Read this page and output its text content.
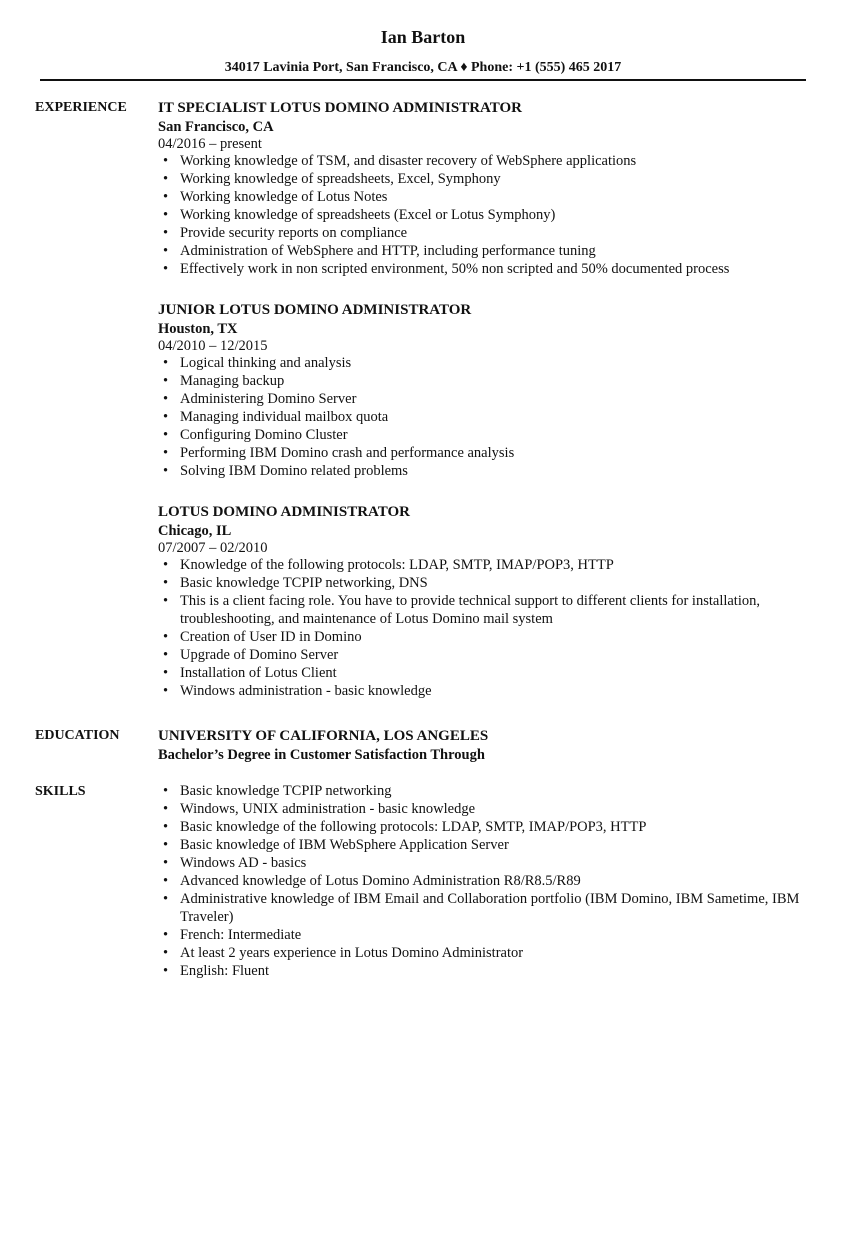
Ian Barton
34017 Lavinia Port, San Francisco, CA ♦ Phone: +1 (555) 465 2017
EXPERIENCE IT SPECIALIST LOTUS DOMINO ADMINISTRATOR
San Francisco, CA
04/2016 – present
• Working knowledge of TSM, and disaster recovery of WebSphere applications
• Working knowledge of spreadsheets, Excel, Symphony
• Working knowledge of Lotus Notes
• Working knowledge of spreadsheets (Excel or Lotus Symphony)
• Provide security reports on compliance
• Administration of WebSphere and HTTP, including performance tuning
• Effectively work in non scripted environment, 50% non scripted and 50% documented process
JUNIOR LOTUS DOMINO ADMINISTRATOR
Houston, TX
04/2010 – 12/2015
• Logical thinking and analysis
• Managing backup
• Administering Domino Server
• Managing individual mailbox quota
• Configuring Domino Cluster
• Performing IBM Domino crash and performance analysis
• Solving IBM Domino related problems
LOTUS DOMINO ADMINISTRATOR
Chicago, IL
07/2007 – 02/2010
• Knowledge of the following protocols: LDAP, SMTP, IMAP/POP3, HTTP
• Basic knowledge TCPIP networking, DNS
• This is a client facing role. You have to provide technical support to different clients for installation, troubleshooting, and maintenance of Lotus Domino mail system
• Creation of User ID in Domino
• Upgrade of Domino Server
• Installation of Lotus Client
• Windows administration - basic knowledge
EDUCATION	UNIVERSITY OF CALIFORNIA, LOS ANGELES
Bachelor’s Degree in Customer Satisfaction Through
SKILLS	• Basic knowledge TCPIP networking
• Windows, UNIX administration - basic knowledge
• Basic knowledge of the following protocols: LDAP, SMTP, IMAP/POP3, HTTP
• Basic knowledge of IBM WebSphere Application Server
• Windows AD - basics
• Advanced knowledge of Lotus Domino Administration R8/R8.5/R89
• Administrative knowledge of IBM Email and Collaboration portfolio (IBM Domino, IBM Sametime, IBM Traveler)
• French: Intermediate
• At least 2 years experience in Lotus Domino Administrator
• English: Fluent
